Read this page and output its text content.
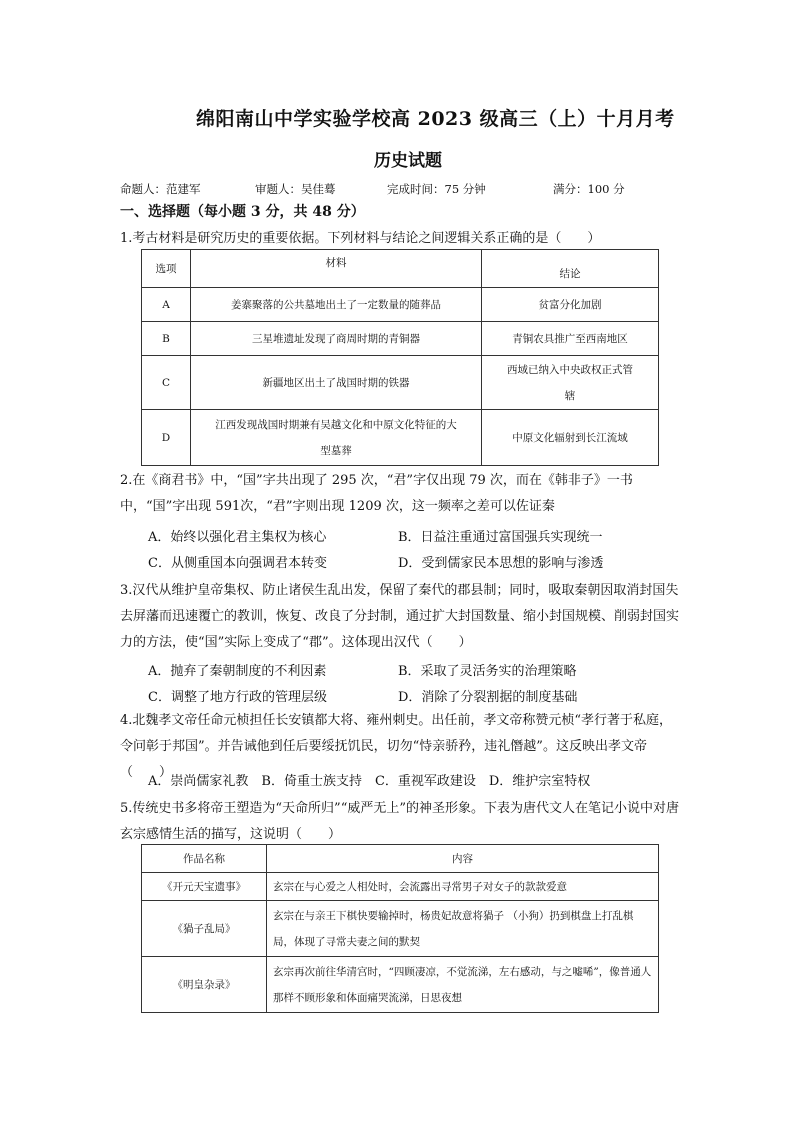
绵阳南山中学实验学校高 2023 级高三（上）十月月考
历史试题
命题人：范建军	审题人：吴佳蓦	完成时间：75 分钟	满分：100 分
一、选择题（每小题 3 分，共 48 分）
1.考古材料是研究历史的重要依据。下列材料与结论之间逻辑关系正确的是（　　）
选项	材料	结论
A	姜寨聚落的公共墓地出土了一定数量的随葬品	贫富分化加剧
B	三星堆遗址发现了商周时期的青铜器	青铜农具推广至西南地区
C	新疆地区出土了战国时期的铁器	西域已纳入中央政权正式管辖
D	江西发现战国时期兼有吴越文化和中原文化特征的大型墓葬	中原文化辐射到长江流域
2.在《商君书》中，“国”字共出现了 295 次，“君”字仅出现 79 次，而在《韩非子》一书中，“国”字出现 591次，“君”字则出现 1209 次，这一频率之差可以佐证秦
A．始终以强化君主集权为核心	B．日益注重通过富国强兵实现统一
C．从侧重国本向强调君本转变	D．受到儒家民本思想的影响与渗透
3.汉代从维护皇帝集权、防止诸侯生乱出发，保留了秦代的郡县制；同时，吸取秦朝因取消封国失去屏藩而迅速覆亡的教训，恢复、改良了分封制，通过扩大封国数量、缩小封国规模、削弱封国实力的方法，使“国”实际上变成了“郡”。这体现出汉代（　　）
A．抛弃了秦朝制度的不利因素	B．采取了灵活务实的治理策略
C．调整了地方行政的管理层级	D．消除了分裂割据的制度基础
4.北魏孝文帝任命元桢担任长安镇都大将、雍州刺史。出任前，孝文帝称赞元桢“孝行著于私庭，令问彰于邦国”。并告诫他到任后要绥抚饥民，切勿“恃亲骄矜，违礼僭越”。这反映出孝文帝（　　）
A．崇尚儒家礼教　B．倚重士族支持　C．重视军政建设　D．维护宗室特权
5.传统史书多将帝王塑造为“天命所归”“威严无上”的神圣形象。下表为唐代文人在笔记小说中对唐玄宗感情生活的描写，这说明（　　）
作品名称	内容
《开元天宝遗事》	玄宗在与心爱之人相处时，会流露出寻常男子对女子的款款爱意
《猧子乱局》	玄宗在与亲王下棋快要输掉时，杨贵妃故意将猧子 （小狗）扔到棋盘上打乱棋局，体现了寻常夫妻之间的默契
《明皇杂录》	玄宗再次前往华清宫时，“四顾凄凉，不觉流涕，左右感动，与之嘘唏”，像普通人那样不顾形象和体面痛哭流涕，日思夜想
